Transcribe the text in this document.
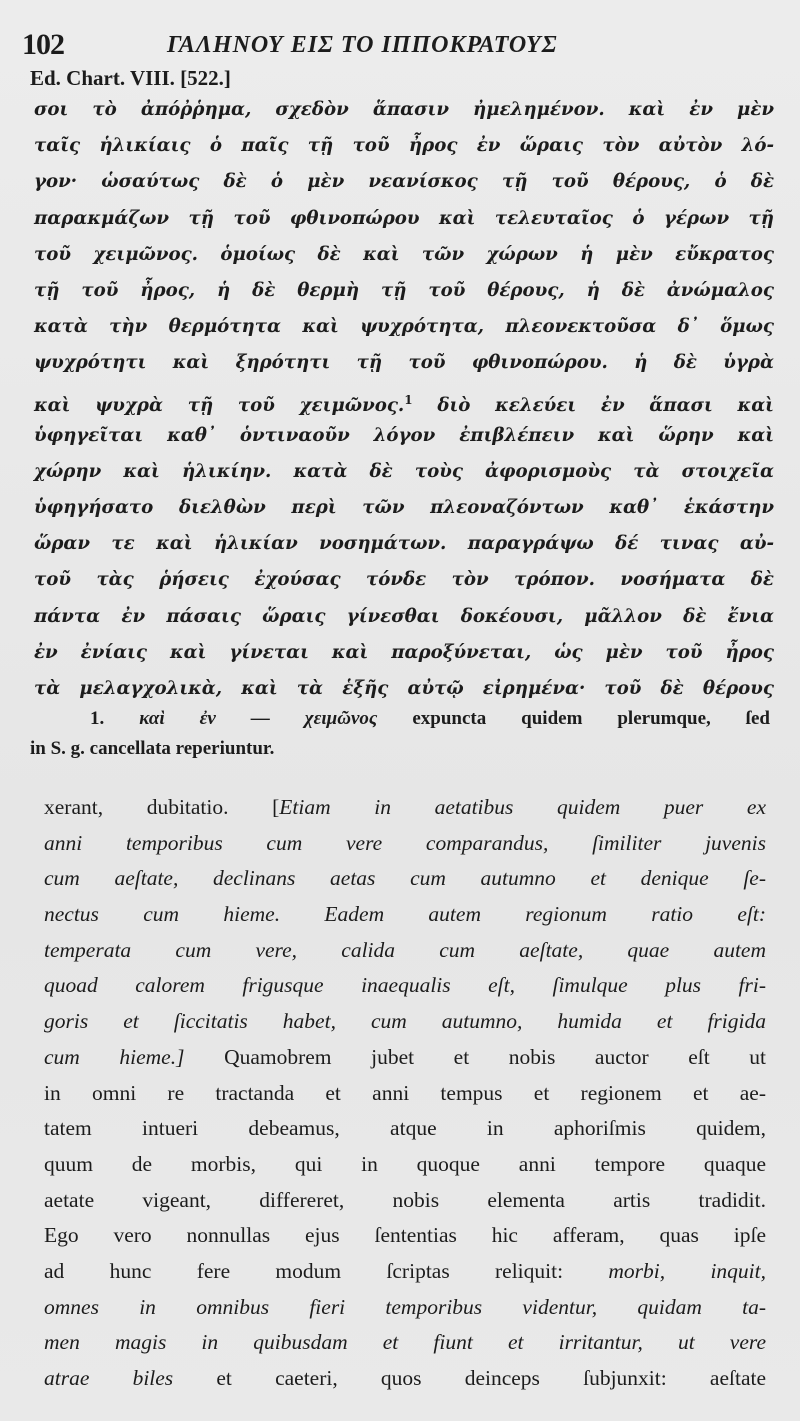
102	ΓΑΛΗΝΟΥ ΕΙΣ ΤΟ ΙΠΠΟΚΡΑΤΟΥΣ
Ed. Chart. VIII. [522.]
σοι τὸ ἀπόῤῥημα, σχεδὸν ἅπασιν ἠμελημένον. καὶ ἐν μὲν
ταῖς ἡλικίαις ὁ παῖς τῇ τοῦ ἦρος ἐν ὥραις τὸν αὐτὸν λό-
γον· ὡσαύτως δὲ ὁ μὲν νεανίσκος τῇ τοῦ θέρους, ὁ δὲ
παρακμάζων τῇ τοῦ φθινοπώρου καὶ τελευταῖος ὁ γέρων τῇ
τοῦ χειμῶνος. ὁμοίως δὲ καὶ τῶν χώρων ἡ μὲν εὔκρατος
τῇ τοῦ ἦρος, ἡ δὲ θερμὴ τῇ τοῦ θέρους, ἡ δὲ ἀνώμαλος
κατὰ τὴν θερμότητα καὶ ψυχρότητα, πλεονεκτοῦσα δ᾽ ὅμως
ψυχρότητι καὶ ξηρότητι τῇ τοῦ φθινοπώρου. ἡ δὲ ὑγρὰ
καὶ ψυχρὰ τῇ τοῦ χειμῶνος.$^1$ διὸ κελεύει ἐν ἅπασι καὶ
ὑφηγεῖται καθ᾽ ὁντιναοῦν λόγον ἐπιβλέπειν καὶ ὥρην καὶ
χώρην καὶ ἡλικίην. κατὰ δὲ τοὺς ἀφορισμοὺς τὰ στοιχεῖα
ὑφηγήσατο διελθὼν περὶ τῶν πλεοναζόντων καθ᾽ ἑκάστην
ὥραν τε καὶ ἡλικίαν νοσημάτων. παραγράψω δέ τινας αὐ-
τοῦ τὰς ῥήσεις ἐχούσας τόνδε τὸν τρόπον. νοσήματα δὲ
πάντα ἐν πάσαις ὥραις γίνεσθαι δοκέουσι, μᾶλλον δὲ ἔνια
ἐν ἐνίαις καὶ γίνεται καὶ παροξύνεται, ὡς μὲν τοῦ ἦρος
τὰ μελαγχολικὰ, καὶ τὰ ἑξῆς αὐτῷ εἰρημένα· τοῦ δὲ θέρους
1. καὶ ἐν — χειμῶνος expuncta quidem plerumque, ſed
in S. g. cancellata reperiuntur.
xerant, dubitatio. [Etiam in aetatibus quidem puer ex
anni temporibus cum vere comparandus, ſimiliter juvenis
cum aeſtate, declinans aetas cum autumno et denique ſe-
nectus cum hieme. Eadem autem regionum ratio eſt:
temperata cum vere, calida cum aeſtate, quae autem
quoad calorem frigusque inaequalis eſt, ſimulque plus fri-
goris et ſiccitatis habet, cum autumno, humida et frigida
cum hieme.] Quamobrem jubet et nobis auctor eſt ut
in omni re tractanda et anni tempus et regionem et ae-
tatem intueri debeamus, atque in aphoriſmis quidem,
quum de morbis, qui in quoque anni tempore quaque
aetate vigeant, differeret, nobis elementa artis tradidit.
Ego vero nonnullas ejus ſententias hic afferam, quas ipſe
ad hunc fere modum ſcriptas reliquit: morbi, inquit,
omnes in omnibus fieri temporibus videntur, quidam ta-
men magis in quibusdam et fiunt et irritantur, ut vere
atrae biles et caeteri, quos deinceps ſubjunxit: aeſtate
